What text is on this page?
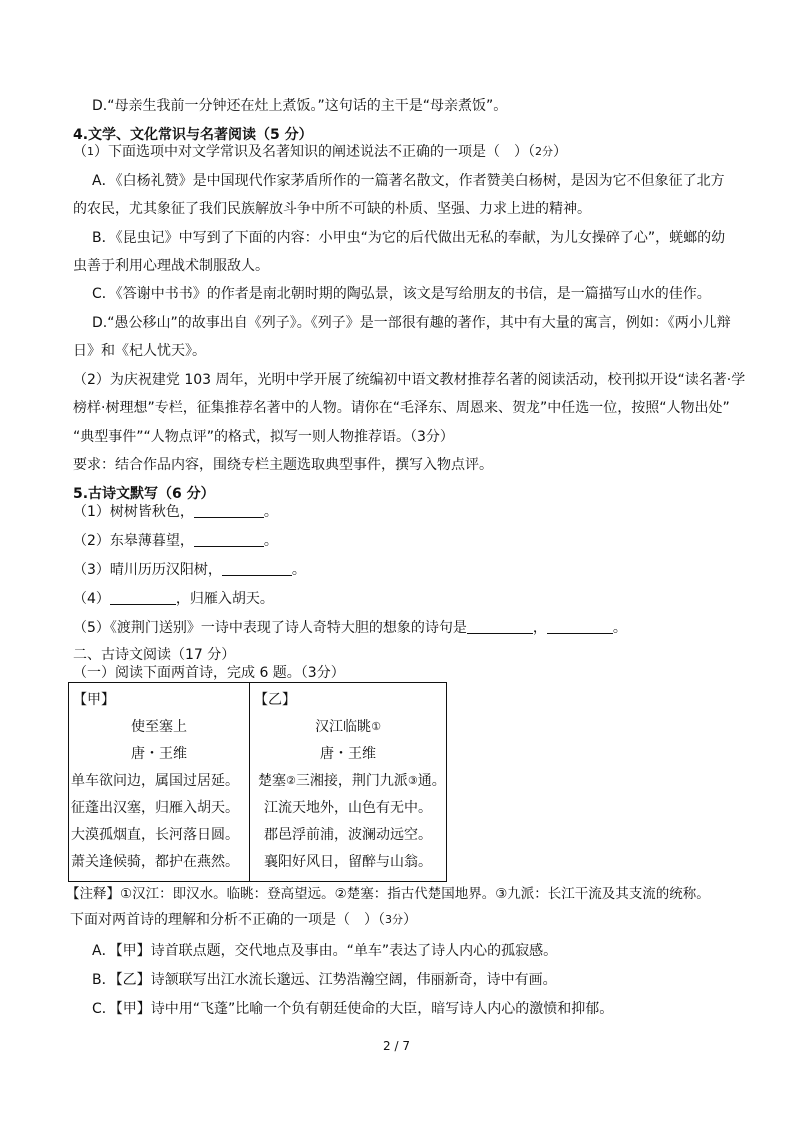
D.“母亲生我前一分钟还在灶上煮饭。”这句话的主干是“母亲煮饭”。
4.文学、文化常识与名著阅读（5 分）
（1）下面选项中对文学常识及名著知识的阐述说法不正确的一项是（　）（2分）
A．《白杨礼赞》是中国现代作家茅盾所作的一篇著名散文，作者赞美白杨树，是因为它不但象征了北方
的农民，尤其象征了我们民族解放斗争中所不可缺的朴质、坚强、力求上进的精神。
B．《昆虫记》中写到了下面的内容：小甲虫“为它的后代做出无私的奉献，为儿女操碎了心”，蜣螂的幼
虫善于利用心理战术制服敌人。
C．《答谢中书书》的作者是南北朝时期的陶弘景，该文是写给朋友的书信，是一篇描写山水的佳作。
D.“愚公移山”的故事出自《列子》。《列子》是一部很有趣的著作，其中有大量的寓言，例如：《两小儿辩
日》和《杞人忧天》。
（2）为庆祝建党 103 周年，光明中学开展了统编初中语文教材推荐名著的阅读活动，校刊拟开设“读名著·学
榜样·树理想”专栏，征集推荐名著中的人物。请你在“毛泽东、周恩来、贺龙”中任选一位，按照“人物出处”
“典型事件”“人物点评”的格式，拟写一则人物推荐语。（3分）
要求：结合作品内容，围绕专栏主题选取典型事件，撰写入物点评。
5.古诗文默写（6 分）
（1）树树皆秋色，	。
（2）东皋薄暮望，	。
（3）晴川历历汉阳树，	。
（4）	，归雁入胡天。
（5）《渡荆门送别》一诗中表现了诗人奇特大胆的想象的诗句是	，	。
二、古诗文阅读（17 分）
（一）阅读下面两首诗，完成 6 题。（3分）
【甲】
使至塞上
唐・王维
单车欲问边，属国过居延。
征蓬出汉塞，归雁入胡天。
大漠孤烟直，长河落日圆。
萧关逢候骑，都护在燕然。
【乙】
汉江临眺①
唐・王维
楚塞②三湘接，荆门九派③通。
江流天地外，山色有无中。
郡邑浮前浦，波澜动远空。
襄阳好风日，留醉与山翁。
【注释】①汉江：即汉水。临眺：登高望远。②楚塞：指古代楚国地界。③九派：长江干流及其支流的统称。
下面对两首诗的理解和分析不正确的一项是（　）（3分）
A．【甲】诗首联点题，交代地点及事由。“单车”表达了诗人内心的孤寂感。
B．【乙】诗颔联写出江水流长邈远、江势浩瀚空阔，伟丽新奇，诗中有画。
C．【甲】诗中用“飞蓬”比喻一个负有朝廷使命的大臣，暗写诗人内心的激愤和抑郁。
2 / 7
